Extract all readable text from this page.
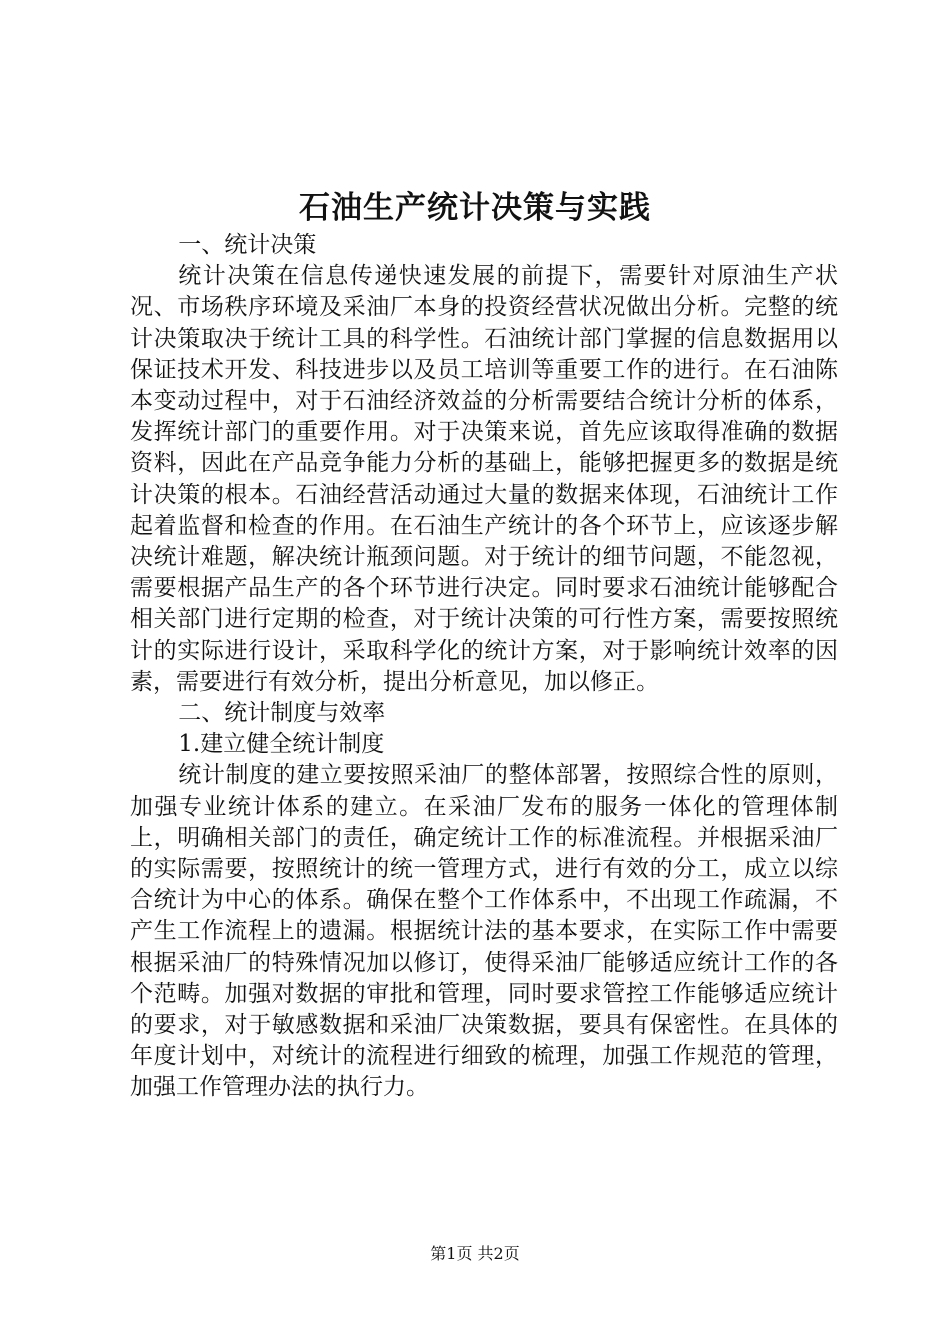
石油生产统计决策与实践

一、统计决策

统计决策在信息传递快速发展的前提下，需要针对原油生产状况、市场秩序环境及采油厂本身的投资经营状况做出分析。完整的统计决策取决于统计工具的科学性。石油统计部门掌握的信息数据用以保证技术开发、科技进步以及员工培训等重要工作的进行。在石油陈本变动过程中，对于石油经济效益的分析需要结合统计分析的体系，发挥统计部门的重要作用。对于决策来说，首先应该取得准确的数据资料，因此在产品竞争能力分析的基础上，能够把握更多的数据是统计决策的根本。石油经营活动通过大量的数据来体现，石油统计工作起着监督和检查的作用。在石油生产统计的各个环节上，应该逐步解决统计难题，解决统计瓶颈问题。对于统计的细节问题，不能忽视，需要根据产品生产的各个环节进行决定。同时要求石油统计能够配合相关部门进行定期的检查，对于统计决策的可行性方案，需要按照统计的实际进行设计，采取科学化的统计方案，对于影响统计效率的因素，需要进行有效分析，提出分析意见，加以修正。

二、统计制度与效率

1.建立健全统计制度

统计制度的建立要按照采油厂的整体部署，按照综合性的原则，加强专业统计体系的建立。在采油厂发布的服务一体化的管理体制上，明确相关部门的责任，确定统计工作的标准流程。并根据采油厂的实际需要，按照统计的统一管理方式，进行有效的分工，成立以综合统计为中心的体系。确保在整个工作体系中，不出现工作疏漏，不产生工作流程上的遗漏。根据统计法的基本要求，在实际工作中需要根据采油厂的特殊情况加以修订，使得采油厂能够适应统计工作的各个范畴。加强对数据的审批和管理，同时要求管控工作能够适应统计的要求，对于敏感数据和采油厂决策数据，要具有保密性。在具体的年度计划中，对统计的流程进行细致的梳理，加强工作规范的管理，加强工作管理办法的执行力。

第1页 共2页
